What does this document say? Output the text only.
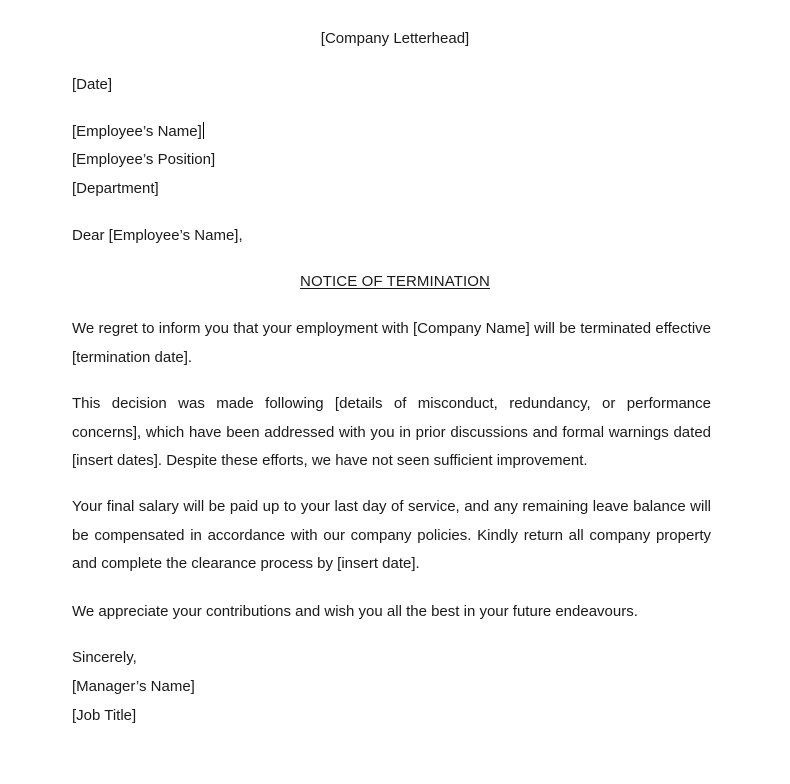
[Company Letterhead]
[Date]
[Employee’s Name]
[Employee’s Position]
[Department]
Dear [Employee’s Name],
NOTICE OF TERMINATION
We regret to inform you that your employment with [Company Name] will be terminated effective [termination date].
This decision was made following [details of misconduct, redundancy, or performance concerns], which have been addressed with you in prior discussions and formal warnings dated [insert dates]. Despite these efforts, we have not seen sufficient improvement.
Your final salary will be paid up to your last day of service, and any remaining leave balance will be compensated in accordance with our company policies. Kindly return all company property and complete the clearance process by [insert date].
We appreciate your contributions and wish you all the best in your future endeavours.
Sincerely,
[Manager’s Name]
[Job Title]
